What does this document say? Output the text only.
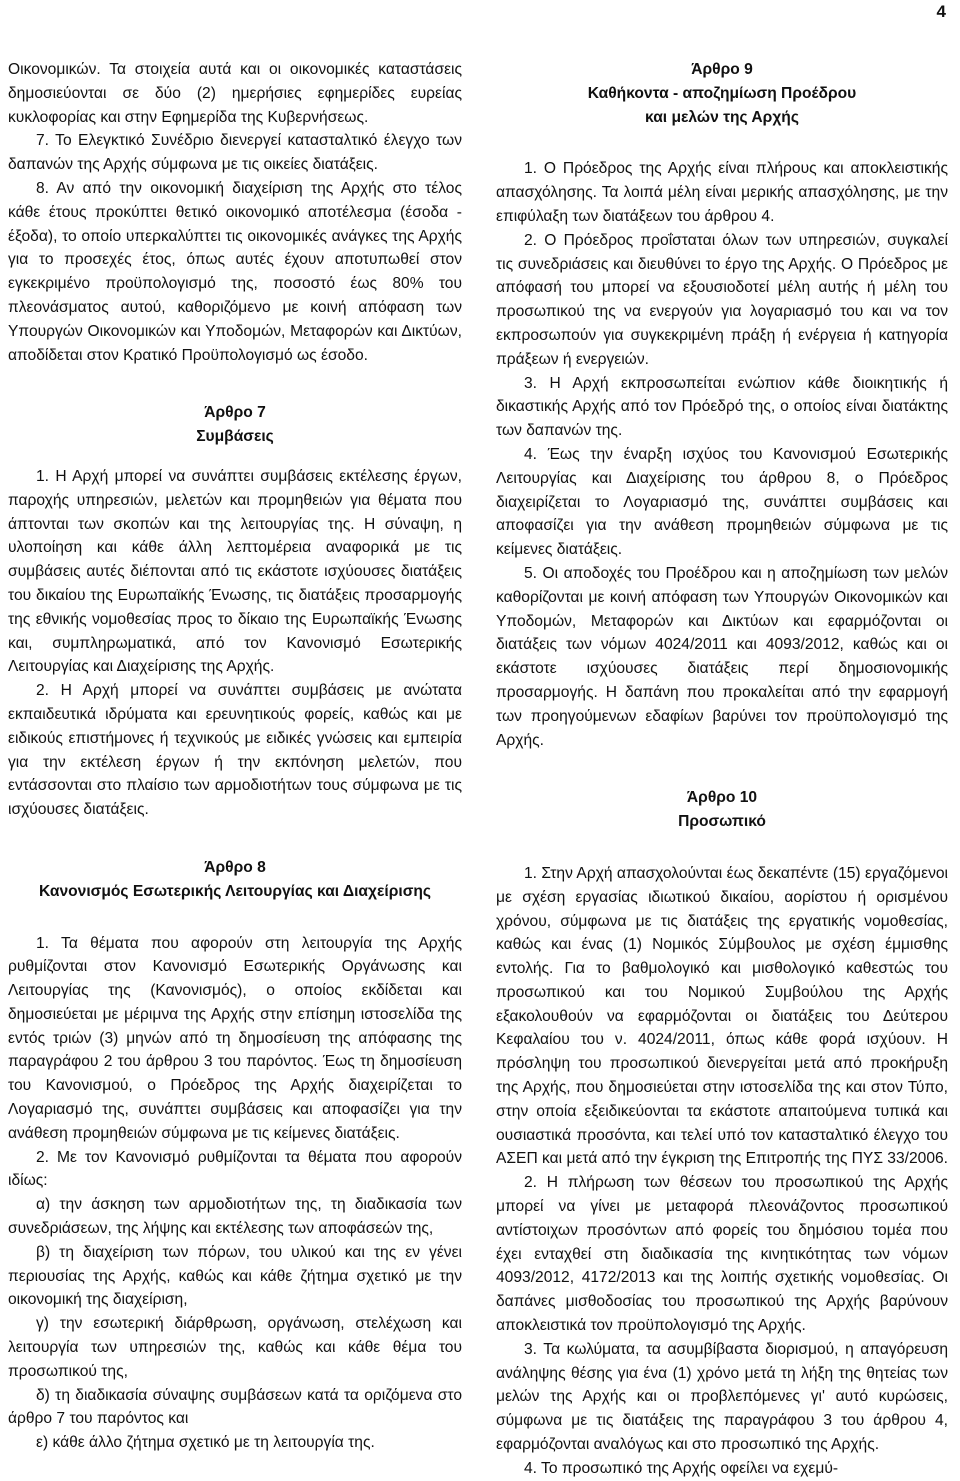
4

Οικονομικών. Τα στοιχεία αυτά και οι οικονομικές καταστάσεις δημοσιεύονται σε δύο (2) ημερήσιες εφημερίδες ευρείας κυκλοφορίας και στην Εφημερίδα της Κυβερνήσεως.

7. Το Ελεγκτικό Συνέδριο διενεργεί κατασταλτικό έλεγχο των δαπανών της Αρχής σύμφωνα με τις οικείες διατάξεις.

8. Αν από την οικονομική διαχείριση της Αρχής στο τέλος κάθε έτους προκύπτει θετικό οικονομικό αποτέλεσμα (έσοδα - έξοδα), το οποίο υπερκαλύπτει τις οικονομικές ανάγκες της Αρχής για το προσεχές έτος, όπως αυτές έχουν αποτυπωθεί στον εγκεκριμένο προϋπολογισμό της, ποσοστό έως 80% του πλεονάσματος αυτού, καθοριζόμενο με κοινή απόφαση των Υπουργών Οικονομικών και Υποδομών, Μεταφορών και Δικτύων, αποδίδεται στον Κρατικό Προϋπολογισμό ως έσοδο.

Άρθρο 7
Συμβάσεις

1. Η Αρχή μπορεί να συνάπτει συμβάσεις εκτέλεσης έργων, παροχής υπηρεσιών, μελετών και προμηθειών για θέματα που άπτονται των σκοπών και της λειτουργίας της. Η σύναψη, η υλοποίηση και κάθε άλλη λεπτομέρεια αναφορικά με τις συμβάσεις αυτές διέπονται από τις εκάστοτε ισχύουσες διατάξεις του δικαίου της Ευρωπαϊκής Ένωσης, τις διατάξεις προσαρμογής της εθνικής νομοθεσίας προς το δίκαιο της Ευρωπαϊκής Ένωσης και, συμπληρωματικά, από τον Κανονισμό Εσωτερικής Λειτουργίας και Διαχείρισης της Αρχής.

2. Η Αρχή μπορεί να συνάπτει συμβάσεις με ανώτατα εκπαιδευτικά ιδρύματα και ερευνητικούς φορείς, καθώς και με ειδικούς επιστήμονες ή τεχνικούς με ειδικές γνώσεις και εμπειρία για την εκτέλεση έργων ή την εκπόνηση μελετών, που εντάσσονται στο πλαίσιο των αρμοδιοτήτων τους σύμφωνα με τις ισχύουσες διατάξεις.

Άρθρο 8
Κανονισμός Εσωτερικής Λειτουργίας και Διαχείρισης

1. Τα θέματα που αφορούν στη λειτουργία της Αρχής ρυθμίζονται στον Κανονισμό Εσωτερικής Οργάνωσης και Λειτουργίας της (Κανονισμός), ο οποίος εκδίδεται και δημοσιεύεται με μέριμνα της Αρχής στην επίσημη ιστοσελίδα της εντός τριών (3) μηνών από τη δημοσίευση της απόφασης της παραγράφου 2 του άρθρου 3 του παρόντος. Έως τη δημοσίευση του Κανονισμού, ο Πρόεδρος της Αρχής διαχειρίζεται το Λογαριασμό της, συνάπτει συμβάσεις και αποφασίζει για την ανάθεση προμηθειών σύμφωνα με τις κείμενες διατάξεις.

2. Με τον Κανονισμό ρυθμίζονται τα θέματα που αφορούν ιδίως:

α) την άσκηση των αρμοδιοτήτων της, τη διαδικασία των συνεδριάσεων, της λήψης και εκτέλεσης των αποφάσεών της,

β) τη διαχείριση των πόρων, του υλικού και της εν γένει περιουσίας της Αρχής, καθώς και κάθε ζήτημα σχετικό με την οικονομική της διαχείριση,

γ) την εσωτερική διάρθρωση, οργάνωση, στελέχωση και λειτουργία των υπηρεσιών της, καθώς και κάθε θέμα του προσωπικού της,

δ) τη διαδικασία σύναψης συμβάσεων κατά τα οριζόμενα στο άρθρο 7 του παρόντος και

ε) κάθε άλλο ζήτημα σχετικό με τη λειτουργία της.

Άρθρο 9
Καθήκοντα - αποζημίωση Προέδρου
και μελών της Αρχής

1. Ο Πρόεδρος της Αρχής είναι πλήρους και αποκλειστικής απασχόλησης. Τα λοιπά μέλη είναι μερικής απασχόλησης, με την επιφύλαξη των διατάξεων του άρθρου 4.

2. Ο Πρόεδρος προΐσταται όλων των υπηρεσιών, συγκαλεί τις συνεδριάσεις και διευθύνει το έργο της Αρχής. Ο Πρόεδρος με απόφασή του μπορεί να εξουσιοδοτεί μέλη αυτής ή μέλη του προσωπικού της να ενεργούν για λογαριασμό του και να τον εκπροσωπούν για συγκεκριμένη πράξη ή ενέργεια ή κατηγορία πράξεων ή ενεργειών.

3. Η Αρχή εκπροσωπείται ενώπιον κάθε διοικητικής ή δικαστικής Αρχής από τον Πρόεδρό της, ο οποίος είναι διατάκτης των δαπανών της.

4. Έως την έναρξη ισχύος του Κανονισμού Εσωτερικής Λειτουργίας και Διαχείρισης του άρθρου 8, ο Πρόεδρος διαχειρίζεται το Λογαριασμό της, συνάπτει συμβάσεις και αποφασίζει για την ανάθεση προμηθειών σύμφωνα με τις κείμενες διατάξεις.

5. Οι αποδοχές του Προέδρου και η αποζημίωση των μελών καθορίζονται με κοινή απόφαση των Υπουργών Οικονομικών και Υποδομών, Μεταφορών και Δικτύων και εφαρμόζονται οι διατάξεις των νόμων 4024/2011 και 4093/2012, καθώς και οι εκάστοτε ισχύουσες διατάξεις περί δημοσιονομικής προσαρμογής. Η δαπάνη που προκαλείται από την εφαρμογή των προηγούμενων εδαφίων βαρύνει τον προϋπολογισμό της Αρχής.

Άρθρο 10
Προσωπικό

1. Στην Αρχή απασχολούνται έως δεκαπέντε (15) εργαζόμενοι με σχέση εργασίας ιδιωτικού δικαίου, αορίστου ή ορισμένου χρόνου, σύμφωνα με τις διατάξεις της εργατικής νομοθεσίας, καθώς και ένας (1) Νομικός Σύμβουλος με σχέση έμμισθης εντολής. Για το βαθμολογικό και μισθολογικό καθεστώς του προσωπικού και του Νομικού Συμβούλου της Αρχής εξακολουθούν να εφαρμόζονται οι διατάξεις του Δεύτερου Κεφαλαίου του ν. 4024/2011, όπως κάθε φορά ισχύουν. Η πρόσληψη του προσωπικού διενεργείται μετά από προκήρυξη της Αρχής, που δημοσιεύεται στην ιστοσελίδα της και στον Τύπο, στην οποία εξειδικεύονται τα εκάστοτε απαιτούμενα τυπικά και ουσιαστικά προσόντα, και τελεί υπό τον κατασταλτικό έλεγχο του ΑΣΕΠ και μετά από την έγκριση της Επιτροπής της ΠΥΣ 33/2006.

2. Η πλήρωση των θέσεων του προσωπικού της Αρχής μπορεί να γίνει με μεταφορά πλεονάζοντος προσωπικού αντίστοιχων προσόντων από φορείς του δημόσιου τομέα που έχει ενταχθεί στη διαδικασία της κινητικότητας των νόμων 4093/2012, 4172/2013 και της λοιπής σχετικής νομοθεσίας. Οι δαπάνες μισθοδοσίας του προσωπικού της Αρχής βαρύνουν αποκλειστικά τον προϋπολογισμό της Αρχής.

3. Τα κωλύματα, τα ασυμβίβαστα διορισμού, η απαγόρευση ανάληψης θέσης για ένα (1) χρόνο μετά τη λήξη της θητείας των μελών της Αρχής και οι προβλεπόμενες γι' αυτό κυρώσεις, σύμφωνα με τις διατάξεις της παραγράφου 3 του άρθρου 4, εφαρμόζονται αναλόγως και στο προσωπικό της Αρχής.

4. Το προσωπικό της Αρχής οφείλει να εχεμύ-
